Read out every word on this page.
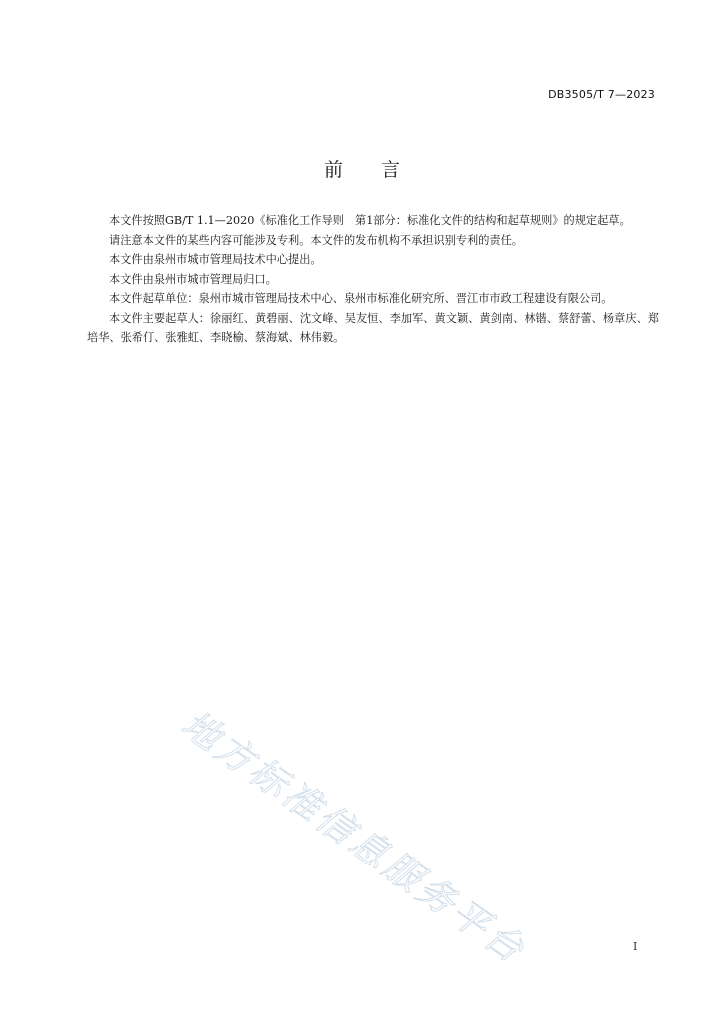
DB3505/T 7—2023
前言

本文件按照GB/T 1.1—2020《标准化工作导则　第1部分：标准化文件的结构和起草规则》的规定起草。

请注意本文件的某些内容可能涉及专利。本文件的发布机构不承担识别专利的责任。

本文件由泉州市城市管理局技术中心提出。

本文件由泉州市城市管理局归口。

本文件起草单位：泉州市城市管理局技术中心、泉州市标准化研究所、晋江市市政工程建设有限公司。

本文件主要起草人：徐丽红、黄碧丽、沈文峰、吴友恒、李加军、黄文颖、黄剑南、林锴、蔡舒蕾、杨章庆、郑培华、张希仃、张雅虹、李晓榆、蔡海斌、林伟毅。

地方标准信息服务平台	I
